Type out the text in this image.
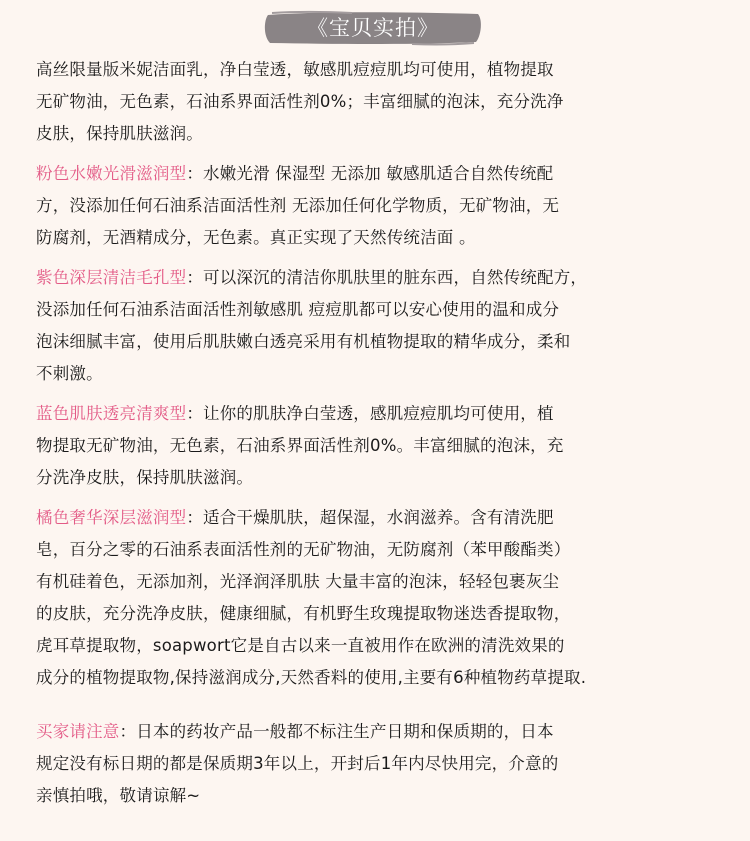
《宝贝实拍》

高丝限量版米妮洁面乳，净白莹透，敏感肌痘痘肌均可使用，植物提取
无矿物油，无色素，石油系界面活性剂0%；丰富细腻的泡沫，充分洗净
皮肤，保持肌肤滋润。

粉色水嫩光滑滋润型：水嫩光滑 保湿型 无添加 敏感肌适合自然传统配
方，没添加任何石油系洁面活性剂 无添加任何化学物质，无矿物油，无
防腐剂，无酒精成分，无色素。真正实现了天然传统洁面 。

紫色深层清洁毛孔型：可以深沉的清洁你肌肤里的脏东西，自然传统配方，
没添加任何石油系洁面活性剂敏感肌 痘痘肌都可以安心使用的温和成分
泡沫细腻丰富，使用后肌肤嫩白透亮采用有机植物提取的精华成分，柔和
不刺激。

蓝色肌肤透亮清爽型：让你的肌肤净白莹透，感肌痘痘肌均可使用，植
物提取无矿物油，无色素，石油系界面活性剂0%。丰富细腻的泡沫，充
分洗净皮肤，保持肌肤滋润。

橘色奢华深层滋润型：适合干燥肌肤，超保湿，水润滋养。含有清洗肥
皂，百分之零的石油系表面活性剂的无矿物油，无防腐剂（苯甲酸酯类）
有机硅着色，无添加剂，光泽润泽肌肤 大量丰富的泡沫，轻轻包裹灰尘
的皮肤，充分洗净皮肤，健康细腻，有机野生玫瑰提取物迷迭香提取物，
虎耳草提取物，soapwort它是自古以来一直被用作在欧洲的清洗效果的
成分的植物提取物,保持滋润成分,天然香料的使用,主要有6种植物药草提取.

买家请注意：日本的药妆产品一般都不标注生产日期和保质期的，日本
规定没有标日期的都是保质期3年以上，开封后1年内尽快用完，介意的
亲慎拍哦，敬请谅解~
